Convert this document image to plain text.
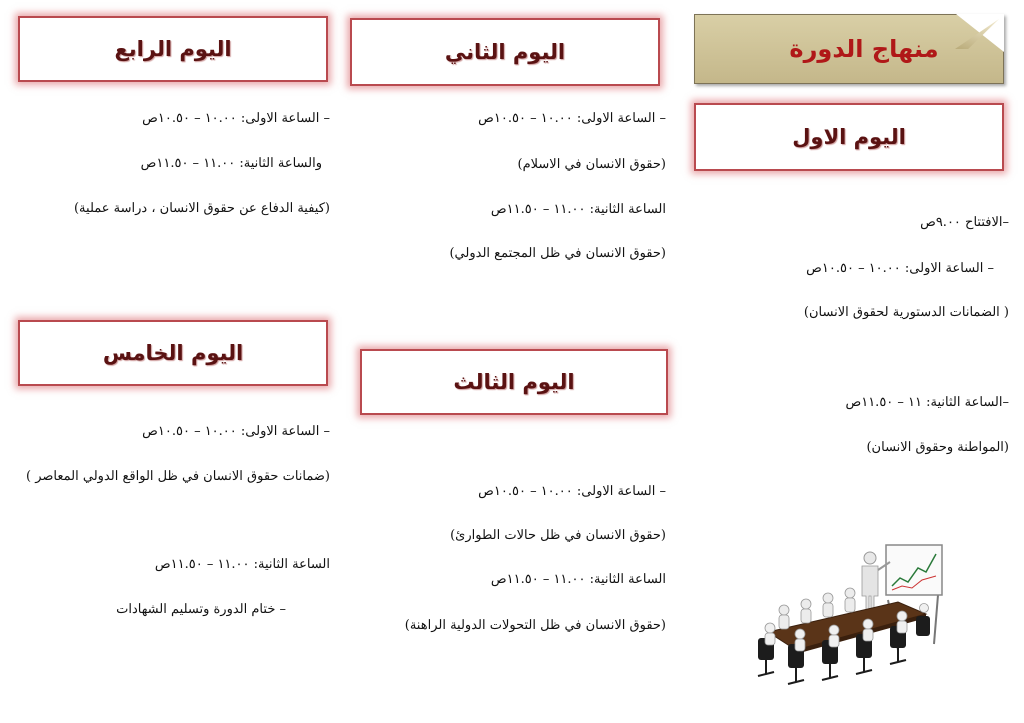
منهاج الدورة
اليوم الاول
–الافتتاح ٩.٠٠ص
– الساعة الاولى: ١٠.٠٠ – ١٠.٥٠ص
( الضمانات الدستورية لحقوق الانسان)
–الساعة الثانية: ١١ – ١١.٥٠ص
(المواطنة وحقوق الانسان)
اليوم الثاني
– الساعة الاولى: ١٠.٠٠ – ١٠.٥٠ص
(حقوق الانسان في الاسلام)
الساعة الثانية: ١١.٠٠ – ١١.٥٠ص
(حقوق الانسان في ظل المجتمع الدولي)
اليوم الثالث
– الساعة الاولى: ١٠.٠٠ – ١٠.٥٠ص
(حقوق الانسان في ظل حالات الطوارئ)
الساعة الثانية: ١١.٠٠ – ١١.٥٠ص
(حقوق الانسان في ظل التحولات الدولية الراهنة)
اليوم الرابع
– الساعة الاولى: ١٠.٠٠ – ١٠.٥٠ص
والساعة الثانية: ١١.٠٠ – ١١.٥٠ص
(كيفية الدفاع عن حقوق الانسان ، دراسة عملية)
اليوم الخامس
– الساعة الاولى: ١٠.٠٠ – ١٠.٥٠ص
(ضمانات حقوق الانسان في ظل الواقع الدولي المعاصر )
الساعة الثانية: ١١.٠٠ – ١١.٥٠ص
– ختام الدورة وتسليم الشهادات
